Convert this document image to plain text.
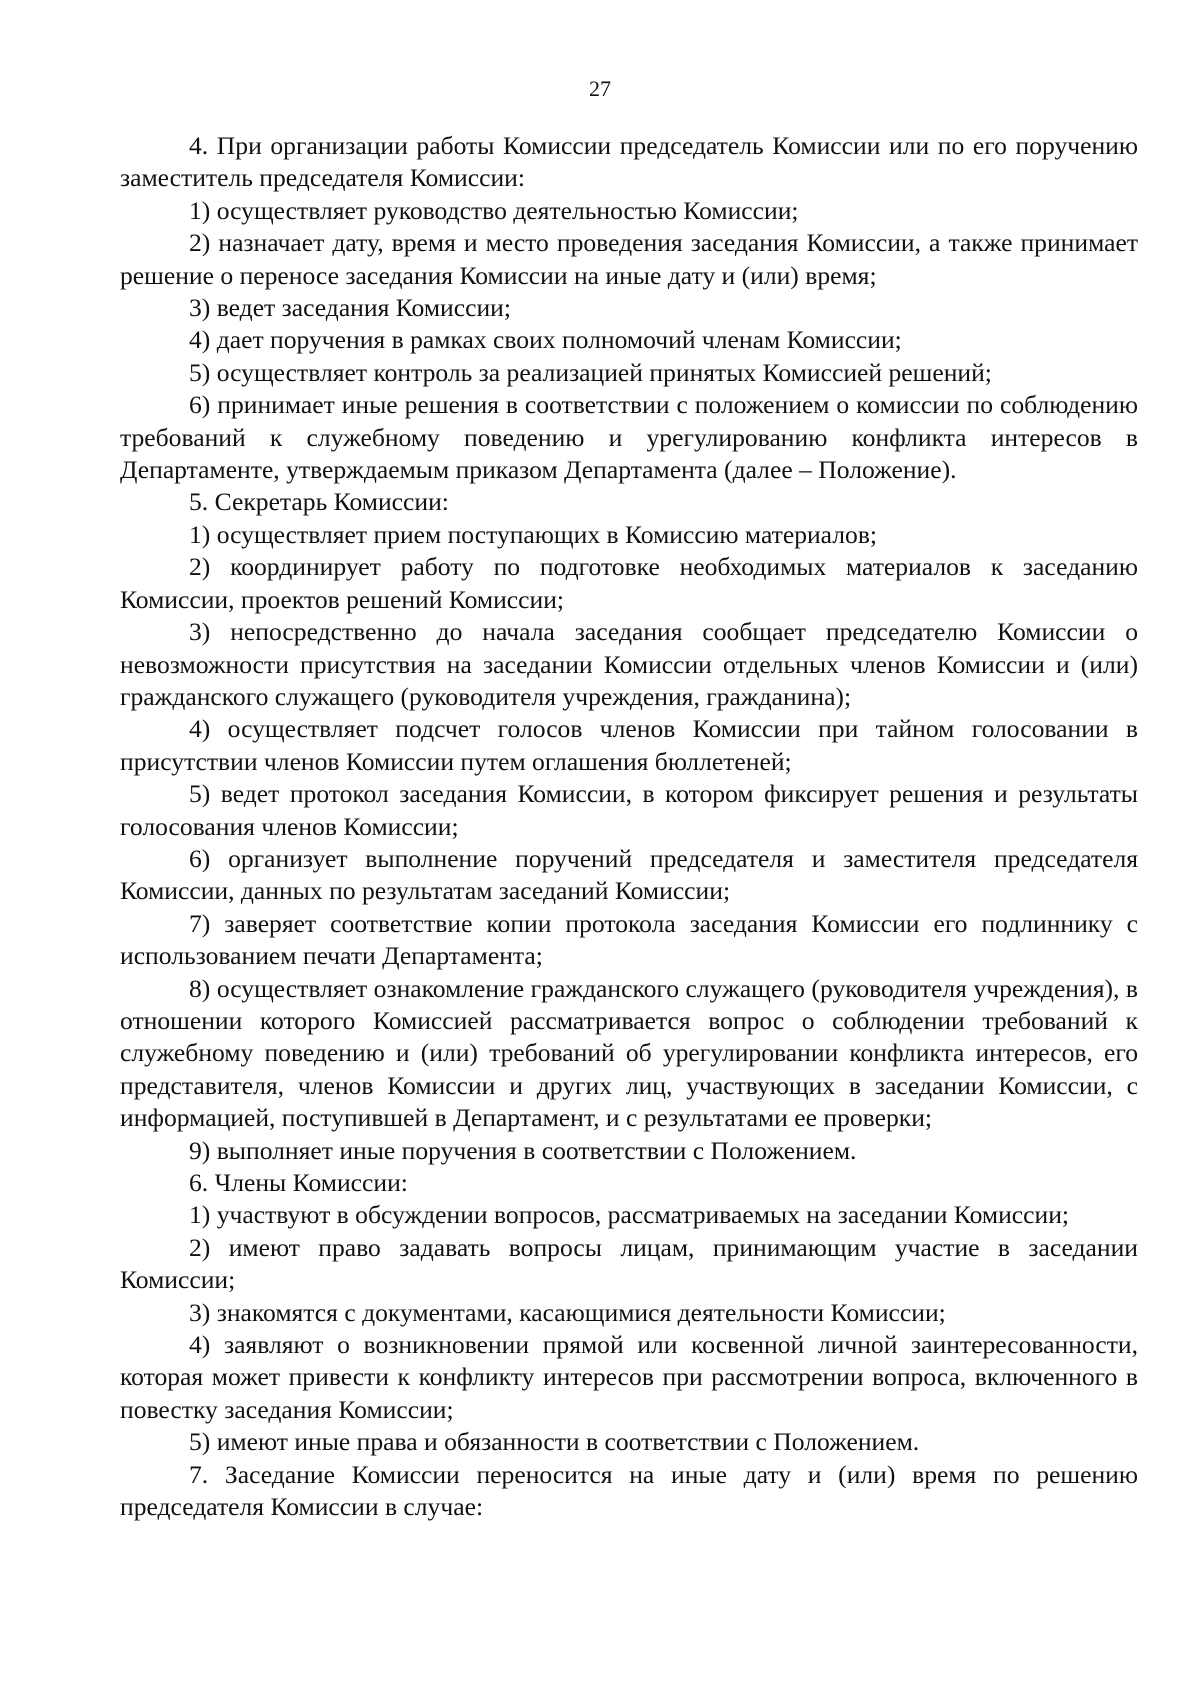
27

4. При организации работы Комиссии председатель Комиссии или по его поручению заместитель председателя Комиссии:

1) осуществляет руководство деятельностью Комиссии;

2) назначает дату, время и место проведения заседания Комиссии, а также принимает решение о переносе заседания Комиссии на иные дату и (или) время;

3) ведет заседания Комиссии;

4) дает поручения в рамках своих полномочий членам Комиссии;

5) осуществляет контроль за реализацией принятых Комиссией решений;

6) принимает иные решения в соответствии с положением о комиссии по соблюдению требований к служебному поведению и урегулированию конфликта интересов в Департаменте, утверждаемым приказом Департамента (далее – Положение).

5. Секретарь Комиссии:

1) осуществляет прием поступающих в Комиссию материалов;

2) координирует работу по подготовке необходимых материалов к заседанию Комиссии, проектов решений Комиссии;

3) непосредственно до начала заседания сообщает председателю Комиссии о невозможности присутствия на заседании Комиссии отдельных членов Комиссии и (или) гражданского служащего (руководителя учреждения, гражданина);

4) осуществляет подсчет голосов членов Комиссии при тайном голосовании в присутствии членов Комиссии путем оглашения бюллетеней;

5) ведет протокол заседания Комиссии, в котором фиксирует решения и результаты голосования членов Комиссии;

6) организует выполнение поручений председателя и заместителя председателя Комиссии, данных по результатам заседаний Комиссии;

7) заверяет соответствие копии протокола заседания Комиссии его подлиннику с использованием печати Департамента;

8) осуществляет ознакомление гражданского служащего (руководителя учреждения), в отношении которого Комиссией рассматривается вопрос о соблюдении требований к служебному поведению и (или) требований об урегулировании конфликта интересов, его представителя, членов Комиссии и других лиц, участвующих в заседании Комиссии, с информацией, поступившей в Департамент, и с результатами ее проверки;

9) выполняет иные поручения в соответствии с Положением.

6. Члены Комиссии:

1) участвуют в обсуждении вопросов, рассматриваемых на заседании Комиссии;

2) имеют право задавать вопросы лицам, принимающим участие в заседании Комиссии;

3) знакомятся с документами, касающимися деятельности Комиссии;

4) заявляют о возникновении прямой или косвенной личной заинтересованности, которая может привести к конфликту интересов при рассмотрении вопроса, включенного в повестку заседания Комиссии;

5) имеют иные права и обязанности в соответствии с Положением.

7. Заседание Комиссии переносится на иные дату и (или) время по решению председателя Комиссии в случае:
